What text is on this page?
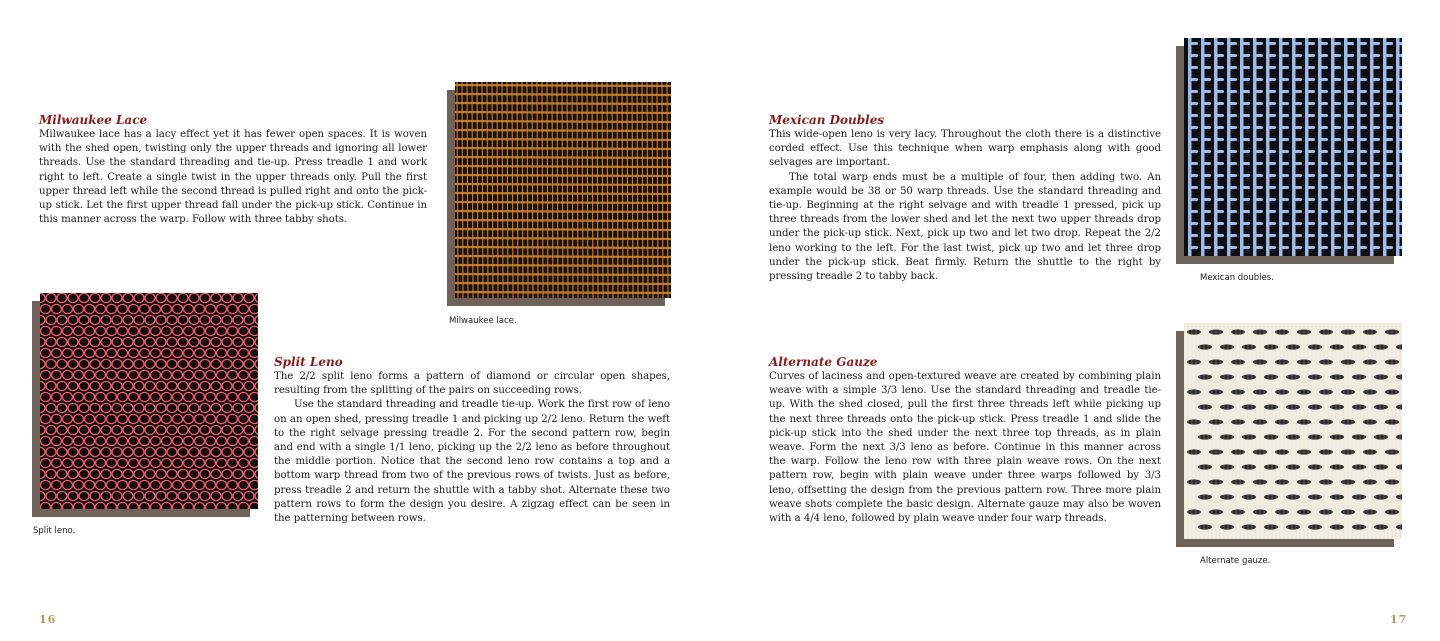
Milwaukee Lace

Milwaukee lace has a lacy effect yet it has fewer open spaces. It is woven with the shed open, twisting only the upper threads and ignoring all lower threads. Use the standard threading and tie-up. Press treadle 1 and work right to left. Create a single twist in the upper threads only. Pull the first upper thread left while the second thread is pulled right and onto the pick-up stick. Let the first upper thread fall under the pick-up stick. Continue in this manner across the warp. Follow with three tabby shots.

Milwaukee lace.
Split leno.
Split Leno

The 2/2 split leno forms a pattern of diamond or circular open shapes, resulting from the splitting of the pairs on succeeding rows.

Use the standard threading and treadle tie-up. Work the first row of leno on an open shed, pressing treadle 1 and picking up 2/2 leno. Return the weft to the right selvage pressing treadle 2. For the second pattern row, begin and end with a single 1/1 leno, picking up the 2/2 leno as before throughout the middle portion. Notice that the second leno row contains a top and a bottom warp thread from two of the previous rows of twists. Just as before, press treadle 2 and return the shuttle with a tabby shot. Alternate these two pattern rows to form the design you desire. A zigzag effect can be seen in the patterning between rows.

Mexican Doubles

This wide-open leno is very lacy. Throughout the cloth there is a distinctive corded effect. Use this technique when warp emphasis along with good selvages are important.

The total warp ends must be a multiple of four, then adding two. An example would be 38 or 50 warp threads. Use the standard threading and tie-up. Beginning at the right selvage and with treadle 1 pressed, pick up three threads from the lower shed and let the next two upper threads drop under the pick-up stick. Next, pick up two and let two drop. Repeat the 2/2 leno working to the left. For the last twist, pick up two and let three drop under the pick-up stick. Beat firmly. Return the shuttle to the right by pressing treadle 2 to tabby back.	Mexican doubles.
Alternate Gauze

Curves of laciness and open-textured weave are created by combining plain weave with a simple 3/3 leno. Use the standard threading and treadle tie-up. With the shed closed, pull the first three threads left while picking up the next three threads onto the pick-up stick. Press treadle 1 and slide the pick-up stick into the shed under the next three top threads, as in plain weave. Form the next 3/3 leno as before. Continue in this manner across the warp. Follow the leno row with three plain weave rows. On the next pattern row, begin with plain weave under three warps followed by 3/3 leno, offsetting the design from the previous pattern row. Three more plain weave shots complete the basic design. Alternate gauze may also be woven with a 4/4 leno, followed by plain weave under four warp threads.

Alternate gauze.
16	17
